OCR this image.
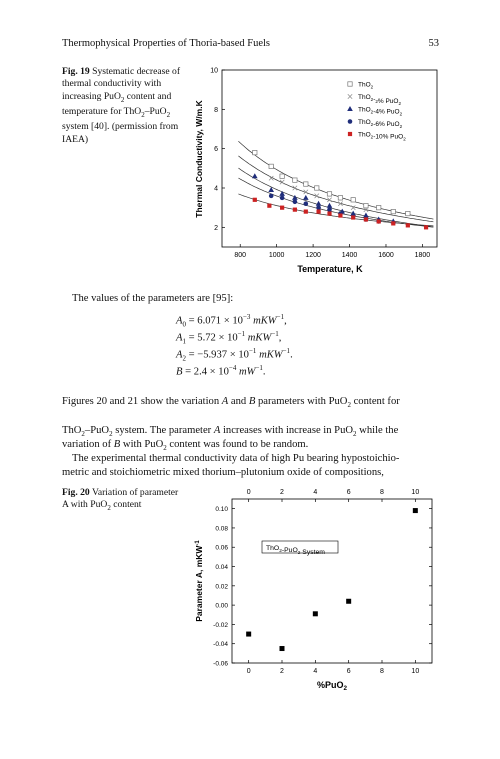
Thermophysical Properties of Thoria-based Fuels	53
Fig. 19 Systematic decrease of thermal conductivity with increasing PuO$_2$ content and temperature for ThO$_2$–PuO$_2$ system [40]. (permission from IAEA)
800	1000	1200	1400	1600	1800
2
4
6
8
10
Temperature, K
Thermal Conductivity, W/m.K
ThO$_2$
$ThO_2-_2\%$ PuO$_2$
ThO$_2$-4% PuO$_2$
ThO$_2$-6% PuO$_2$
ThO$_2$-10% PuO$_2$
The values of the parameters are [95]:
$A_0 = 6.071 \times 10^{-3}$ mKW$^{-1}$,
$A_1 = 5.72 \times 10^{-1}$ mKW$^{-1}$,
$A_2 = -5.937 \times 10^{-1}$ mKW$^{-1}$.
$B = 2.4 \times 10^{-4}$ $mW^{-1}$.
Figures 20 and 21 show the variation A and B parameters with PuO$_2$ content for
ThO$_2$–PuO$_2$ system. The parameter A increases with increase in PuO$_2$ while the
variation of B with PuO$_2$ content was found to be random.
The experimental thermal conductivity data of high Pu bearing hypostoichio-
metric and stoichiometric mixed thorium–plutonium oxide of compositions,
Fig. 20 Variation of parameter A with PuO$_2$ content
0
0
2
2
4
4
6
6
8
8
10
10
-0.06
-0.04
-0.02
0.00
0.02
0.04
0.06
0.08
0.10
ThO$_2$-PuO$_2$ System
%PuO$_2$
Parameter A, mKW$^{-1}$
